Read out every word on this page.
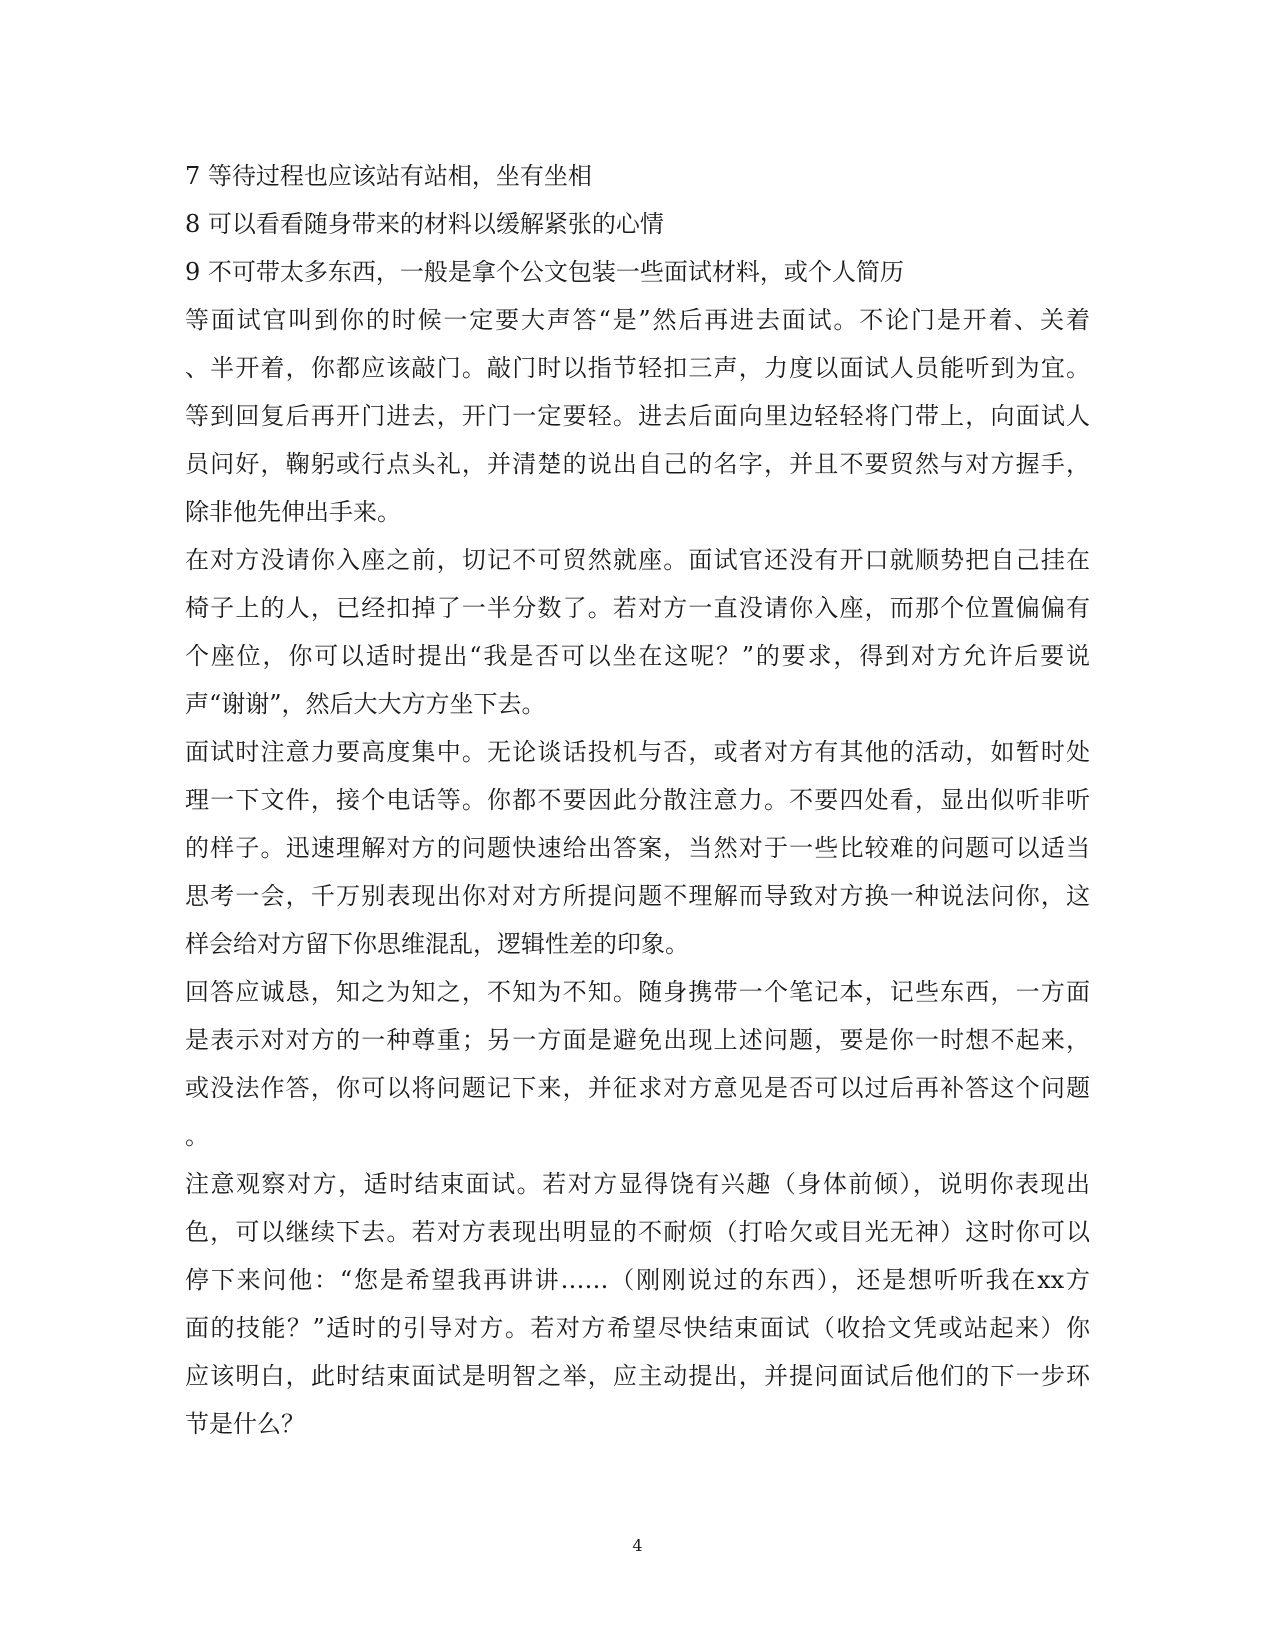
7 等待过程也应该站有站相，坐有坐相
8 可以看看随身带来的材料以缓解紧张的心情
9 不可带太多东西，一般是拿个公文包装一些面试材料，或个人简历
等面试官叫到你的时候一定要大声答“是”然后再进去面试。不论门是开着、关着
、半开着，你都应该敲门。敲门时以指节轻扣三声，力度以面试人员能听到为宜。
等到回复后再开门进去，开门一定要轻。进去后面向里边轻轻将门带上，向面试人
员问好，鞠躬或行点头礼，并清楚的说出自己的名字，并且不要贸然与对方握手，
除非他先伸出手来。
在对方没请你入座之前，切记不可贸然就座。面试官还没有开口就顺势把自己挂在
椅子上的人，已经扣掉了一半分数了。若对方一直没请你入座，而那个位置偏偏有
个座位，你可以适时提出“我是否可以坐在这呢？”的要求，得到对方允许后要说
声“谢谢”，然后大大方方坐下去。
面试时注意力要高度集中。无论谈话投机与否，或者对方有其他的活动，如暂时处
理一下文件，接个电话等。你都不要因此分散注意力。不要四处看，显出似听非听
的样子。迅速理解对方的问题快速给出答案，当然对于一些比较难的问题可以适当
思考一会，千万别表现出你对对方所提问题不理解而导致对方换一种说法问你，这
样会给对方留下你思维混乱，逻辑性差的印象。
回答应诚恳，知之为知之，不知为不知。随身携带一个笔记本，记些东西，一方面
是表示对对方的一种尊重；另一方面是避免出现上述问题，要是你一时想不起来，
或没法作答，你可以将问题记下来，并征求对方意见是否可以过后再补答这个问题
。
注意观察对方，适时结束面试。若对方显得饶有兴趣（身体前倾），说明你表现出
色，可以继续下去。若对方表现出明显的不耐烦（打哈欠或目光无神）这时你可以
停下来问他：“您是希望我再讲讲……（刚刚说过的东西），还是想听听我在xx方
面的技能？”适时的引导对方。若对方希望尽快结束面试（收拾文凭或站起来）你
应该明白，此时结束面试是明智之举，应主动提出，并提问面试后他们的下一步环
节是什么？
4
